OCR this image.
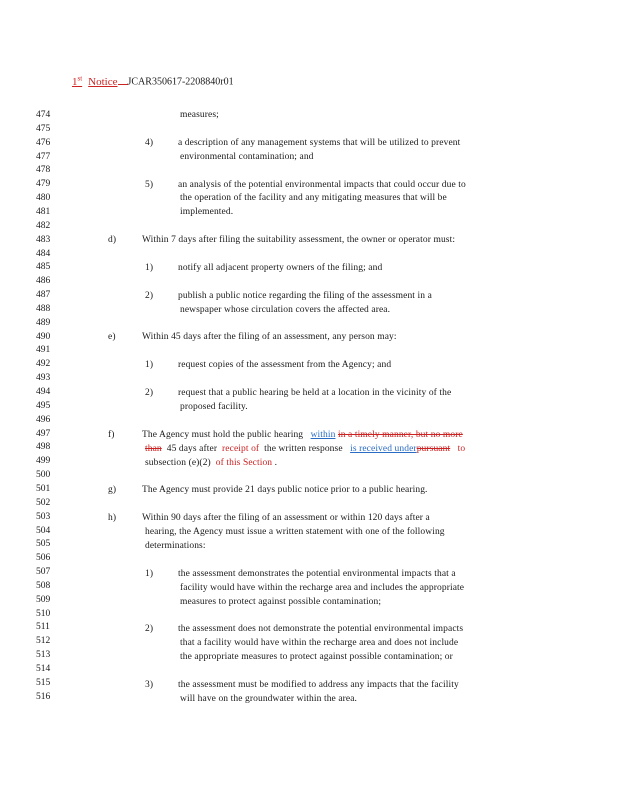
1st Notice JCAR350617-2208840r01
474
475
476
477
478
479
480
481
482
483
484
485
486
487
488
489
490
491
492
493
494
495
496
497
498
499
500
501
502
503
504
505
506
507
508
509
510
511
512
513
514
515
516
measures;
4)	a description of any management systems that will be utilized to prevent
environmental contamination; and
5)	an analysis of the potential environmental impacts that could occur due to
the operation of the facility and any mitigating measures that will be
implemented.
d)	Within 7 days after filing the suitability assessment, the owner or operator must:
1)	notify all adjacent property owners of the filing; and
2)	publish a public notice regarding the filing of the assessment in a
newspaper whose circulation covers the affected area.
e)	Within 45 days after the filing of an assessment, any person may:
1)	request copies of the assessment from the Agency; and
2)	request that a public hearing be held at a location in the vicinity of the
proposed facility.
f)	The Agency must hold the public hearing within in a timely manner, but no more
than 45 days after receipt of the written response is received underpursuant to
subsection (e)(2) of this Section .
g)	The Agency must provide 21 days public notice prior to a public hearing.
h)	Within 90 days after the filing of an assessment or within 120 days after a
hearing, the Agency must issue a written statement with one of the following
determinations:
1)	the assessment demonstrates the potential environmental impacts that a
facility would have within the recharge area and includes the appropriate
measures to protect against possible contamination;
2)	the assessment does not demonstrate the potential environmental impacts
that a facility would have within the recharge area and does not include
the appropriate measures to protect against possible contamination; or
3)	the assessment must be modified to address any impacts that the facility
will have on the groundwater within the area.
